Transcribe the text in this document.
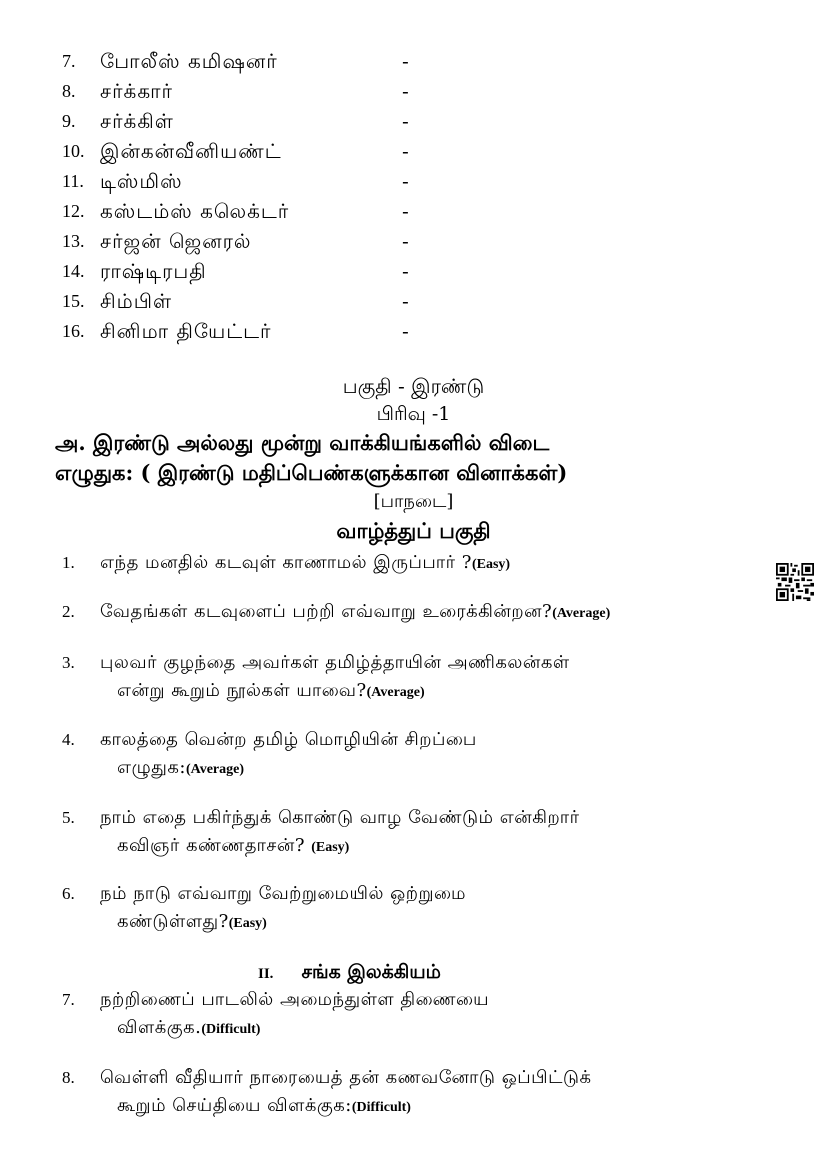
7.	போலீஸ் கமிஷனர்	-
8.	சர்க்கார்	-
9.	சர்க்கிள்	-
10. இன்கன்வீனியண்ட்	-
11. டிஸ்மிஸ்	-
12. கஸ்டம்ஸ் கலெக்டர்	-
13. சர்ஜன் ஜெனரல்	-
14. ராஷ்டிரபதி	-
15. சிம்பிள்	-
16. சினிமா தியேட்டர்	-
பகுதி - இரண்டு
பிரிவு -1
அ. இரண்டு அல்லது மூன்று வாக்கியங்களில் விடை
எழுதுக: ( இரண்டு மதிப்பெண்களுக்கான வினாக்கள்)
[பாநடை]
வாழ்த்துப் பகுதி
1.	எந்த மனதில் கடவுள் காணாமல் இருப்பார் ?(Easy)
2.	வேதங்கள் கடவுளைப் பற்றி எவ்வாறு உரைக்கின்றன?(Average)
3.	புலவர் குழந்தை அவர்கள் தமிழ்த்தாயின் அணிகலன்கள்
என்று கூறும் நூல்கள் யாவை?(Average)
4.	காலத்தை வென்ற தமிழ் மொழியின் சிறப்பை
எழுதுக:(Average)
5.	நாம் எதை பகிர்ந்துக் கொண்டு வாழ வேண்டும் என்கிறார்
கவிஞர் கண்ணதாசன்? (Easy)
6.	நம் நாடு எவ்வாறு வேற்றுமையில் ஒற்றுமை
கண்டுள்ளது?(Easy)
II. சங்க இலக்கியம்
7.	நற்றிணைப் பாடலில் அமைந்துள்ள திணையை
விளக்குக.(Difficult)
8.	வெள்ளி வீதியார் நாரையைத் தன் கணவனோடு ஒப்பிட்டுக்
கூறும் செய்தியை விளக்குக:(Difficult)
